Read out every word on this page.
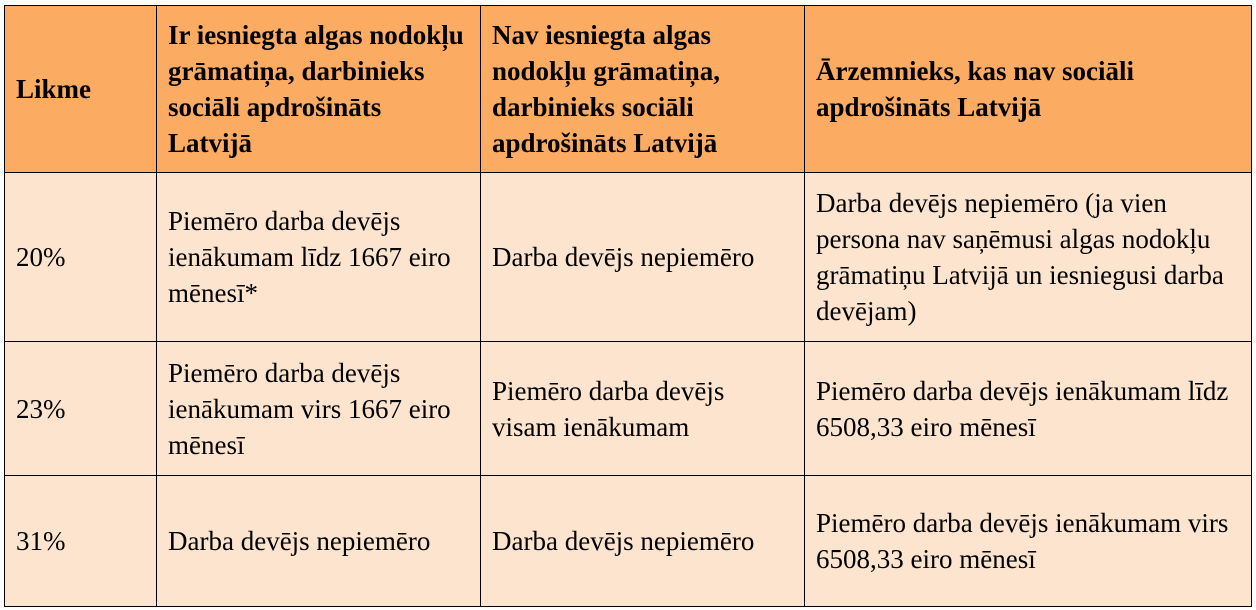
Likme	Ir iesniegta algas nodokļu grāmatiņa, darbinieks sociāli apdrošināts Latvijā	Nav iesniegta algas nodokļu grāmatiņa, darbinieks sociāli apdrošināts Latvijā	Ārzemnieks, kas nav sociāli apdrošināts Latvijā
20%	Piemēro darba devējs ienākumam līdz 1667 eiro mēnesī*	Darba devējs nepiemēro	Darba devējs nepiemēro (ja vien persona nav saņēmusi algas nodokļu grāmatiņu Latvijā un iesniegusi darba devējam)
23%	Piemēro darba devējs ienākumam virs 1667 eiro mēnesī	Piemēro darba devējs visam ienākumam	Piemēro darba devējs ienākumam līdz 6508,33 eiro mēnesī
31%	Darba devējs nepiemēro	Darba devējs nepiemēro	Piemēro darba devējs ienākumam virs 6508,33 eiro mēnesī
